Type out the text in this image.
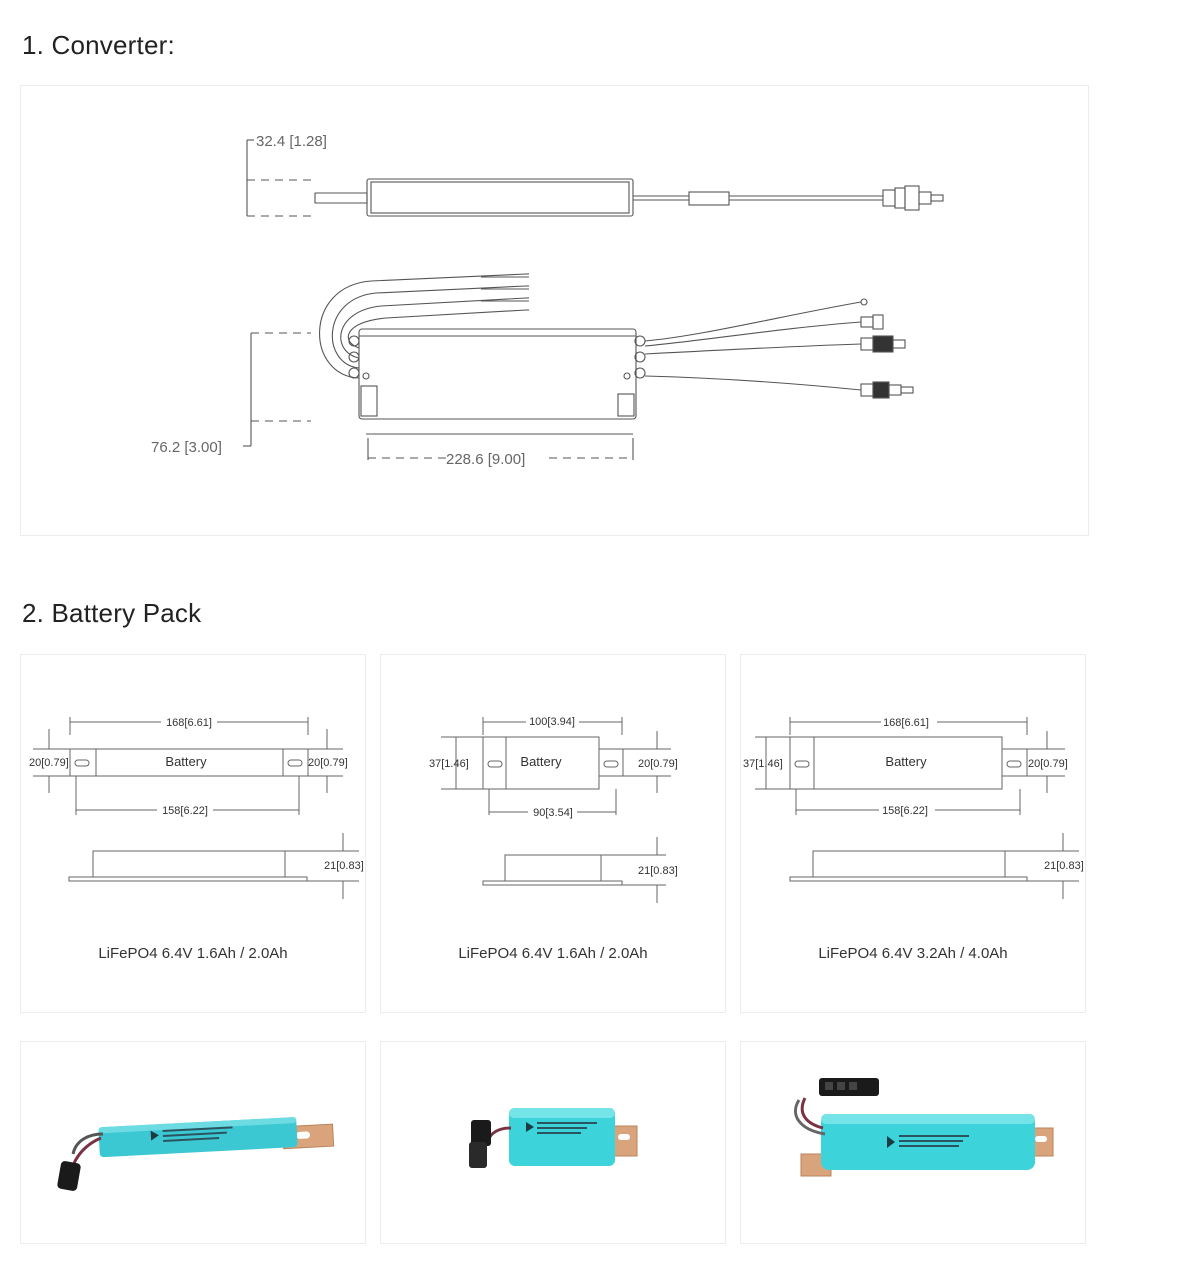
1. Converter:
32.4 [1.28]
76.2 [3.00]
228.6 [9.00]
2. Battery Pack
168[6.61]
20[0.79]	20[0.79]
Battery
158[6.22]
21[0.83]
LiFePO4 6.4V 1.6Ah / 2.0Ah
100[3.94]
37[1.46]	20[0.79]
Battery
90[3.54]
21[0.83]
LiFePO4 6.4V 1.6Ah / 2.0Ah
168[6.61]
37[1.46]	20[0.79]
Battery
158[6.22]
21[0.83]
LiFePO4 6.4V 3.2Ah / 4.0Ah
